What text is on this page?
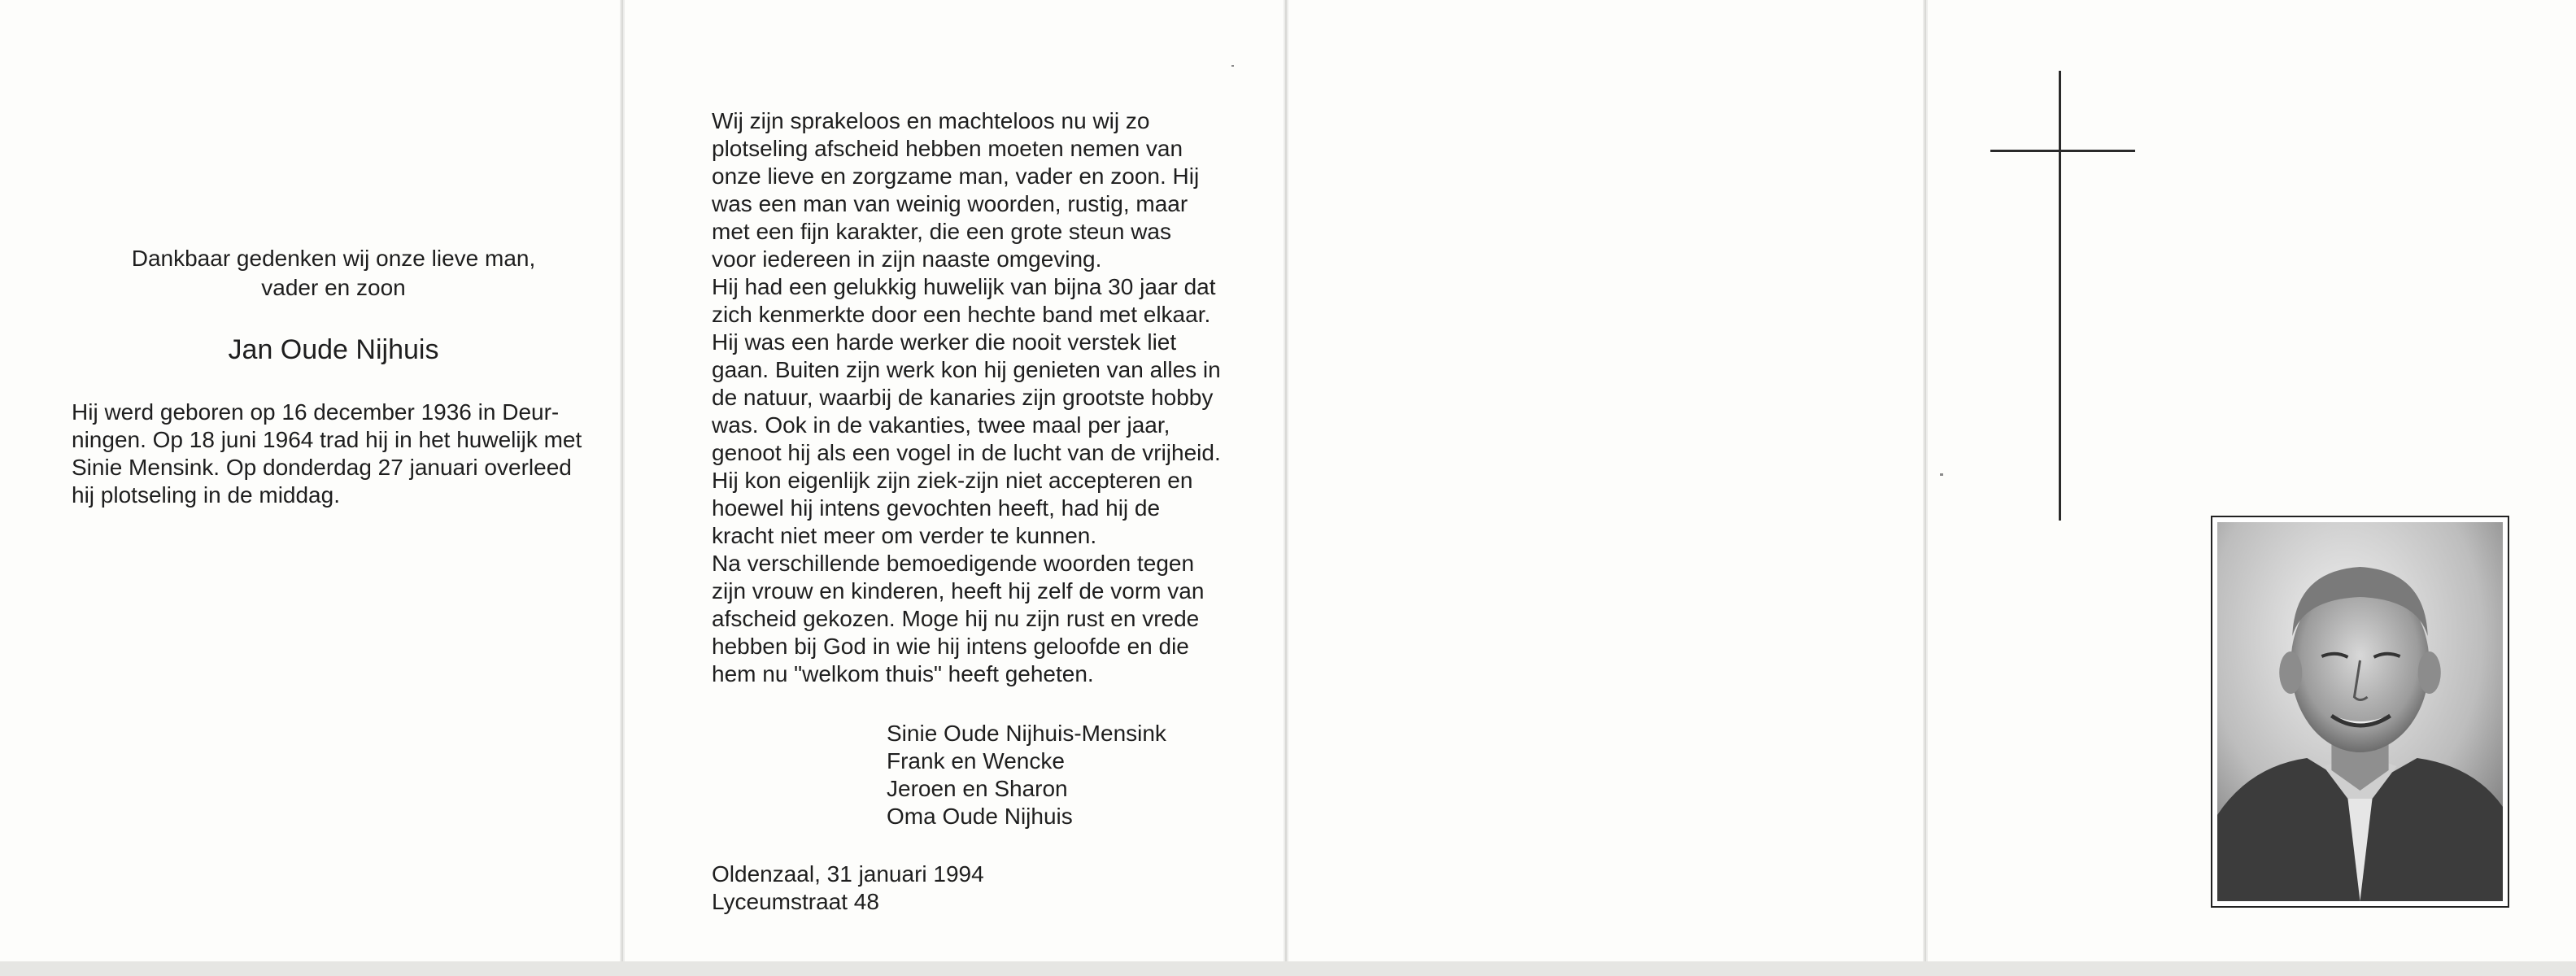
Dankbaar gedenken wij onze lieve man,
vader en zoon
Jan Oude Nijhuis
Hij werd geboren op 16 december 1936 in Deur-
ningen. Op 18 juni 1964 trad hij in het huwelijk met
Sinie Mensink. Op donderdag 27 januari overleed
hij plotseling in de middag.

Wij zijn sprakeloos en machteloos nu wij zo

plotseling afscheid hebben moeten nemen van

onze lieve en zorgzame man, vader en zoon. Hij

was een man van weinig woorden, rustig, maar

met een fijn karakter, die een grote steun was

voor iedereen in zijn naaste omgeving.

Hij had een gelukkig huwelijk van bijna 30 jaar dat

zich kenmerkte door een hechte band met elkaar.

Hij was een harde werker die nooit verstek liet

gaan. Buiten zijn werk kon hij genieten van alles in

de natuur, waarbij de kanaries zijn grootste hobby

was. Ook in de vakanties, twee maal per jaar,

genoot hij als een vogel in de lucht van de vrijheid.

Hij kon eigenlijk zijn ziek-zijn niet accepteren en

hoewel hij intens gevochten heeft, had hij de

kracht niet meer om verder te kunnen.

Na verschillende bemoedigende woorden tegen

zijn vrouw en kinderen, heeft hij zelf de vorm van

afscheid gekozen. Moge hij nu zijn rust en vrede

hebben bij God in wie hij intens geloofde en die

hem nu "welkom thuis" heeft geheten.

Sinie Oude Nijhuis-Mensink
Frank en Wencke
Jeroen en Sharon
Oma Oude Nijhuis
Oldenzaal, 31 januari 1994
Lyceumstraat 48
